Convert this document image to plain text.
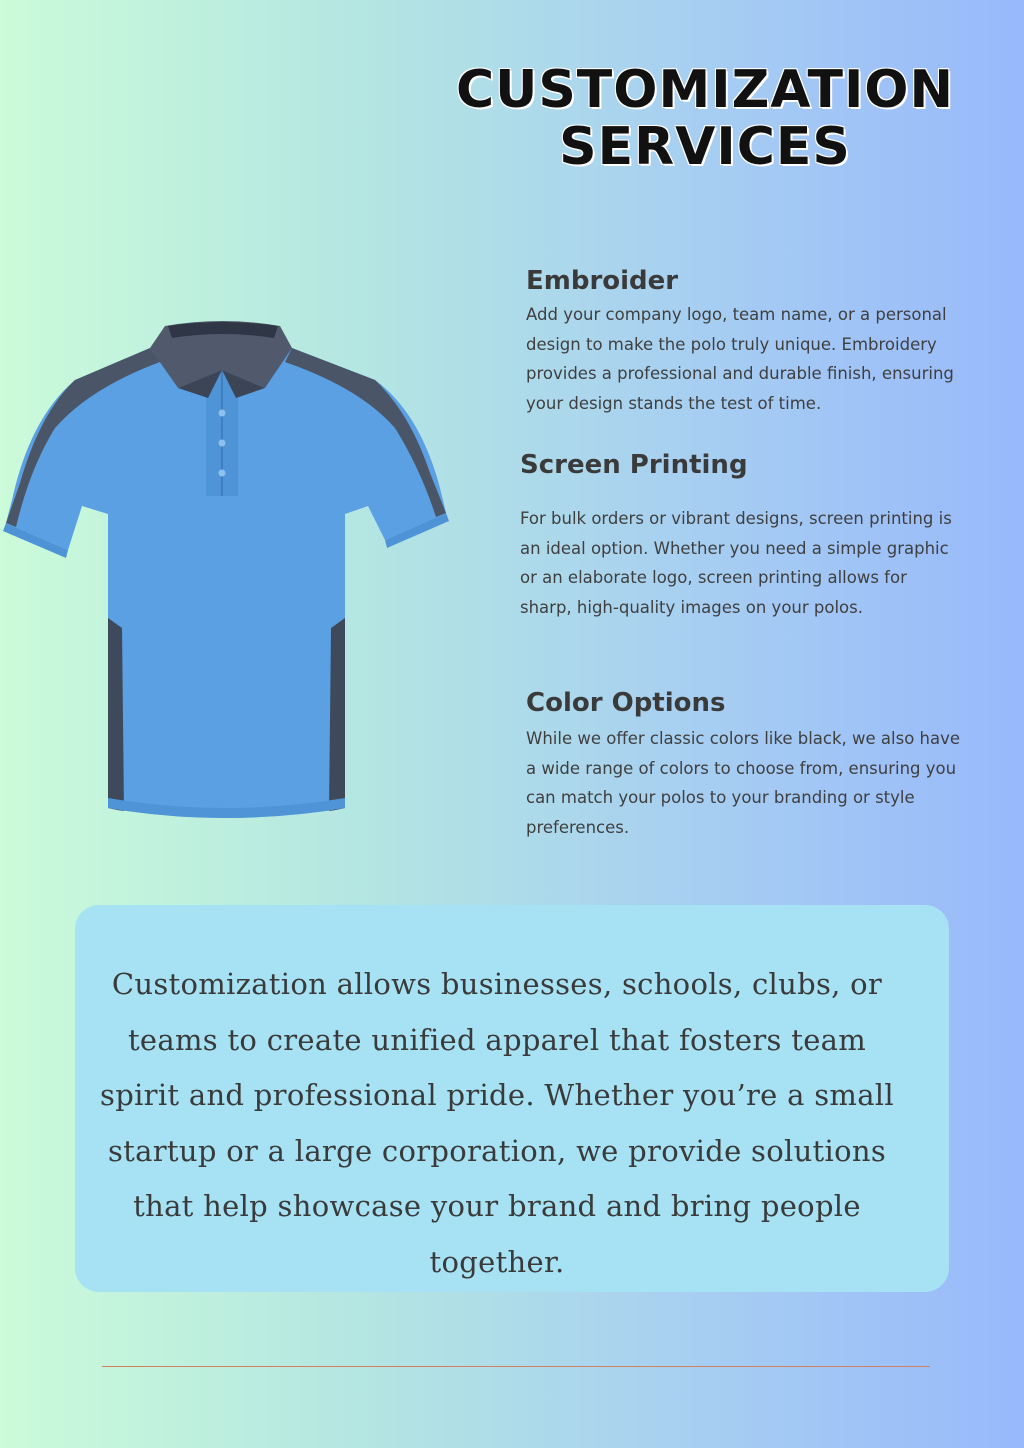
CUSTOMIZATION
SERVICES
Embroider

Add your company logo, team name, or a personal design to make the polo truly unique. Embroidery provides a professional and durable finish, ensuring your design stands the test of time.

Screen Printing

For bulk orders or vibrant designs, screen printing is an ideal option. Whether you need a simple graphic or an elaborate logo, screen printing allows for sharp, high-quality images on your polos.

Color Options

While we offer classic colors like black, we also have a wide range of colors to choose from, ensuring you can match your polos to your branding or style preferences.

Customization allows businesses, schools, clubs, or teams to create unified apparel that fosters team spirit and professional pride. Whether you’re a small startup or a large corporation, we provide solutions that help showcase your brand and bring people together.
